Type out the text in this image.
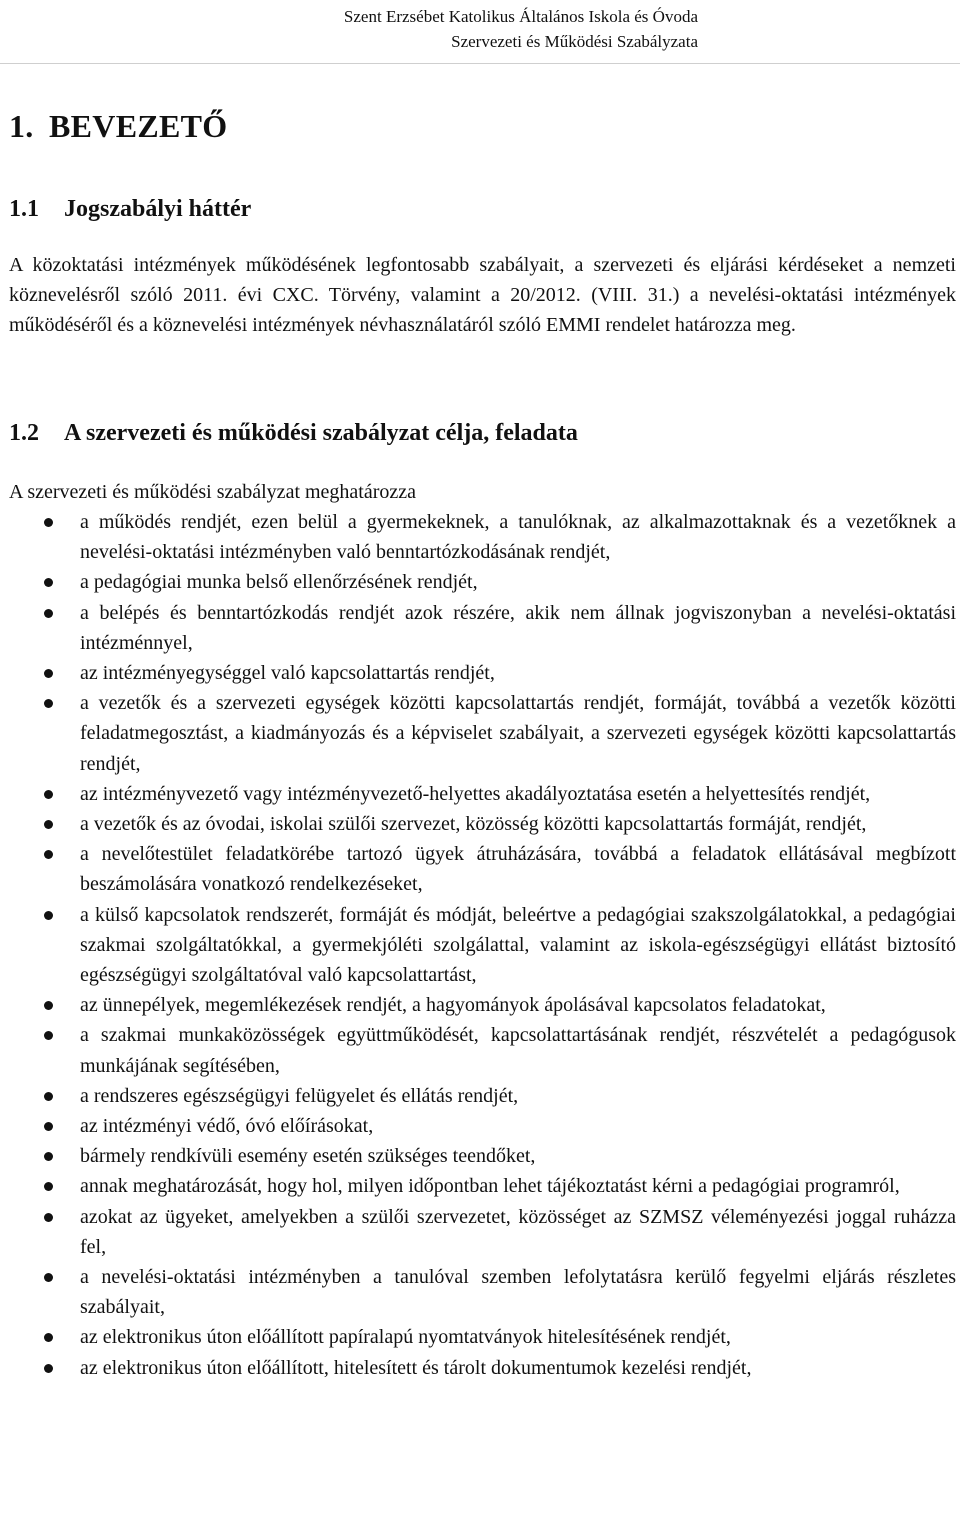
Szent Erzsébet Katolikus Általános Iskola és Óvoda
Szervezeti és Működési Szabályzata
1. BEVEZETŐ
1.1 Jogszabályi háttér
A közoktatási intézmények működésének legfontosabb szabályait, a szervezeti és eljárási kérdéseket a nemzeti köznevelésről szóló 2011. évi CXC. Törvény, valamint a 20/2012. (VIII. 31.) a nevelési-oktatási intézmények működéséről és a köznevelési intézmények névhasználatáról szóló EMMI rendelet határozza meg.
1.2 A szervezeti és működési szabályzat célja, feladata
A szervezeti és működési szabályzat meghatározza
a működés rendjét, ezen belül a gyermekeknek, a tanulóknak, az alkalmazottaknak és a vezetőknek a nevelési-oktatási intézményben való benntartózkodásának rendjét,
a pedagógiai munka belső ellenőrzésének rendjét,
a belépés és benntartózkodás rendjét azok részére, akik nem állnak jogviszonyban a nevelési-oktatási intézménnyel,
az intézményegységgel való kapcsolattartás rendjét,
a vezetők és a szervezeti egységek közötti kapcsolattartás rendjét, formáját, továbbá a vezetők közötti feladatmegosztást, a kiadmányozás és a képviselet szabályait, a szervezeti egységek közötti kapcsolattartás rendjét,
az intézményvezető vagy intézményvezető-helyettes akadályoztatása esetén a helyettesítés rendjét,
a vezetők és az óvodai, iskolai szülői szervezet, közösség közötti kapcsolattartás formáját, rendjét,
a nevelőtestület feladatkörébe tartozó ügyek átruházására, továbbá a feladatok ellátásával megbízott beszámolására vonatkozó rendelkezéseket,
a külső kapcsolatok rendszerét, formáját és módját, beleértve a pedagógiai szakszolgálatokkal, a pedagógiai szakmai szolgáltatókkal, a gyermekjóléti szolgálattal, valamint az iskola-egészségügyi ellátást biztosító egészségügyi szolgáltatóval való kapcsolattartást,
az ünnepélyek, megemlékezések rendjét, a hagyományok ápolásával kapcsolatos feladatokat,
a szakmai munkaközösségek együttműködését, kapcsolattartásának rendjét, részvételét a pedagógusok munkájának segítésében,
a rendszeres egészségügyi felügyelet és ellátás rendjét,
az intézményi védő, óvó előírásokat,
bármely rendkívüli esemény esetén szükséges teendőket,
annak meghatározását, hogy hol, milyen időpontban lehet tájékoztatást kérni a pedagógiai programról,
azokat az ügyeket, amelyekben a szülői szervezetet, közösséget az SZMSZ véleményezési joggal ruházza fel,
a nevelési-oktatási intézményben a tanulóval szemben lefolytatásra kerülő fegyelmi eljárás részletes szabályait,
az elektronikus úton előállított papíralapú nyomtatványok hitelesítésének rendjét,
az elektronikus úton előállított, hitelesített és tárolt dokumentumok kezelési rendjét,
